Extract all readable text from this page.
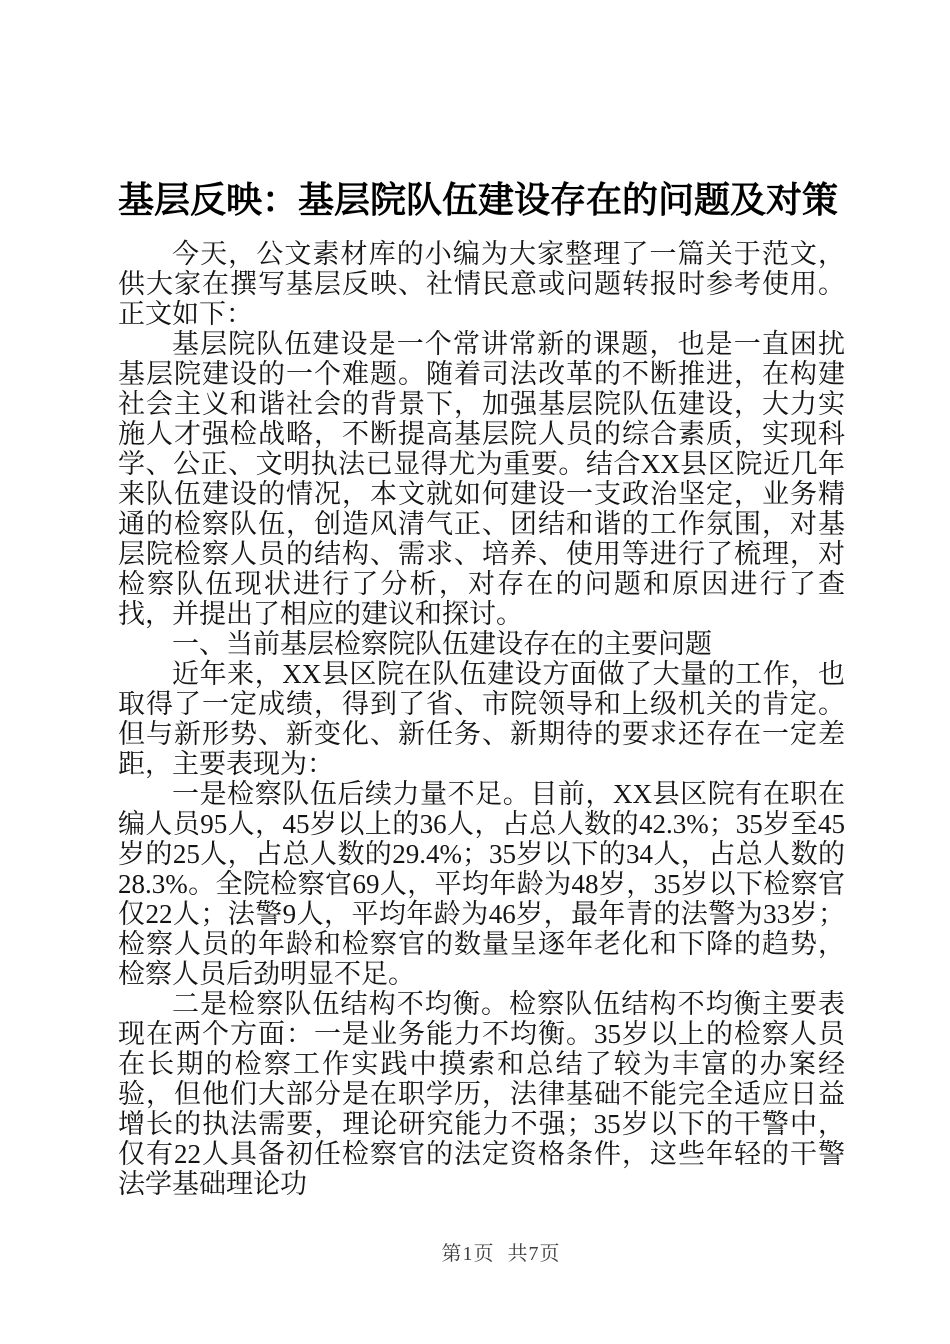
基层反映：基层院队伍建设存在的问题及对策

今天，公文素材库的小编为大家整理了一篇关于范文，供大家在撰写基层反映、社情民意或问题转报时参考使用。正文如下：

基层院队伍建设是一个常讲常新的课题，也是一直困扰基层院建设的一个难题。随着司法改革的不断推进，在构建社会主义和谐社会的背景下，加强基层院队伍建设，大力实施人才强检战略，不断提高基层院人员的综合素质，实现科学、公正、文明执法已显得尤为重要。结合XX县区院近几年来队伍建设的情况，本文就如何建设一支政治坚定，业务精通的检察队伍，创造风清气正、团结和谐的工作氛围，对基层院检察人员的结构、需求、培养、使用等进行了梳理，对检察队伍现状进行了分析，对存在的问题和原因进行了查找，并提出了相应的建议和探讨。

一、当前基层检察院队伍建设存在的主要问题

近年来，XX县区院在队伍建设方面做了大量的工作，也取得了一定成绩，得到了省、市院领导和上级机关的肯定。但与新形势、新变化、新任务、新期待的要求还存在一定差距，主要表现为：

一是检察队伍后续力量不足。目前，XX县区院有在职在编人员95人，45岁以上的36人，占总人数的42.3%；35岁至45岁的25人，占总人数的29.4%；35岁以下的34人，占总人数的28.3%。全院检察官69人，平均年龄为48岁，35岁以下检察官仅22人；法警9人，平均年龄为46岁，最年青的法警为33岁；检察人员的年龄和检察官的数量呈逐年老化和下降的趋势，检察人员后劲明显不足。

二是检察队伍结构不均衡。检察队伍结构不均衡主要表现在两个方面：一是业务能力不均衡。35岁以上的检察人员在长期的检察工作实践中摸索和总结了较为丰富的办案经验，但他们大部分是在职学历，法律基础不能完全适应日益增长的执法需要，理论研究能力不强；35岁以下的干警中，仅有22人具备初任检察官的法定资格条件，这些年轻的干警法学基础理论功

第1页 共7页
